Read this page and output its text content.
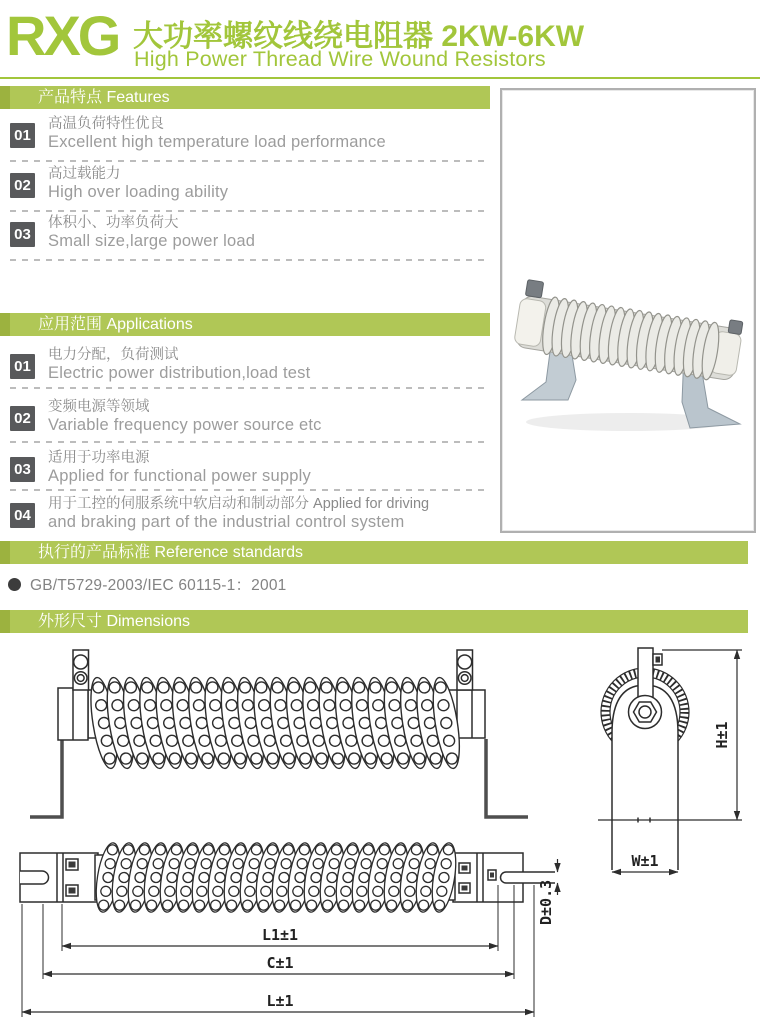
RXG 大功率螺纹线绕电阻器 2KW-6KW
High Power Thread Wire Wound Resistors
产品特点 Features
01
高温负荷特性优良
Excellent high temperature load performance
02
高过载能力
High over loading ability
03
体积小、功率负荷大
Small size,large power load
应用范围 Applications
01
电力分配，负荷测试
Electric power distribution,load test
02
变频电源等领域
Variable frequency power source etc
03
适用于功率电源
Applied for functional power supply
04
用于工控的伺服系统中软启动和制动部分 Applied for driving
and braking part of the industrial control system
执行的产品标准 Reference standards
GB/T5729-2003/IEC 60115-1：2001
外形尺寸 Dimensions
H±1
W±1
D±0.3
L1±1
C±1
L±1
